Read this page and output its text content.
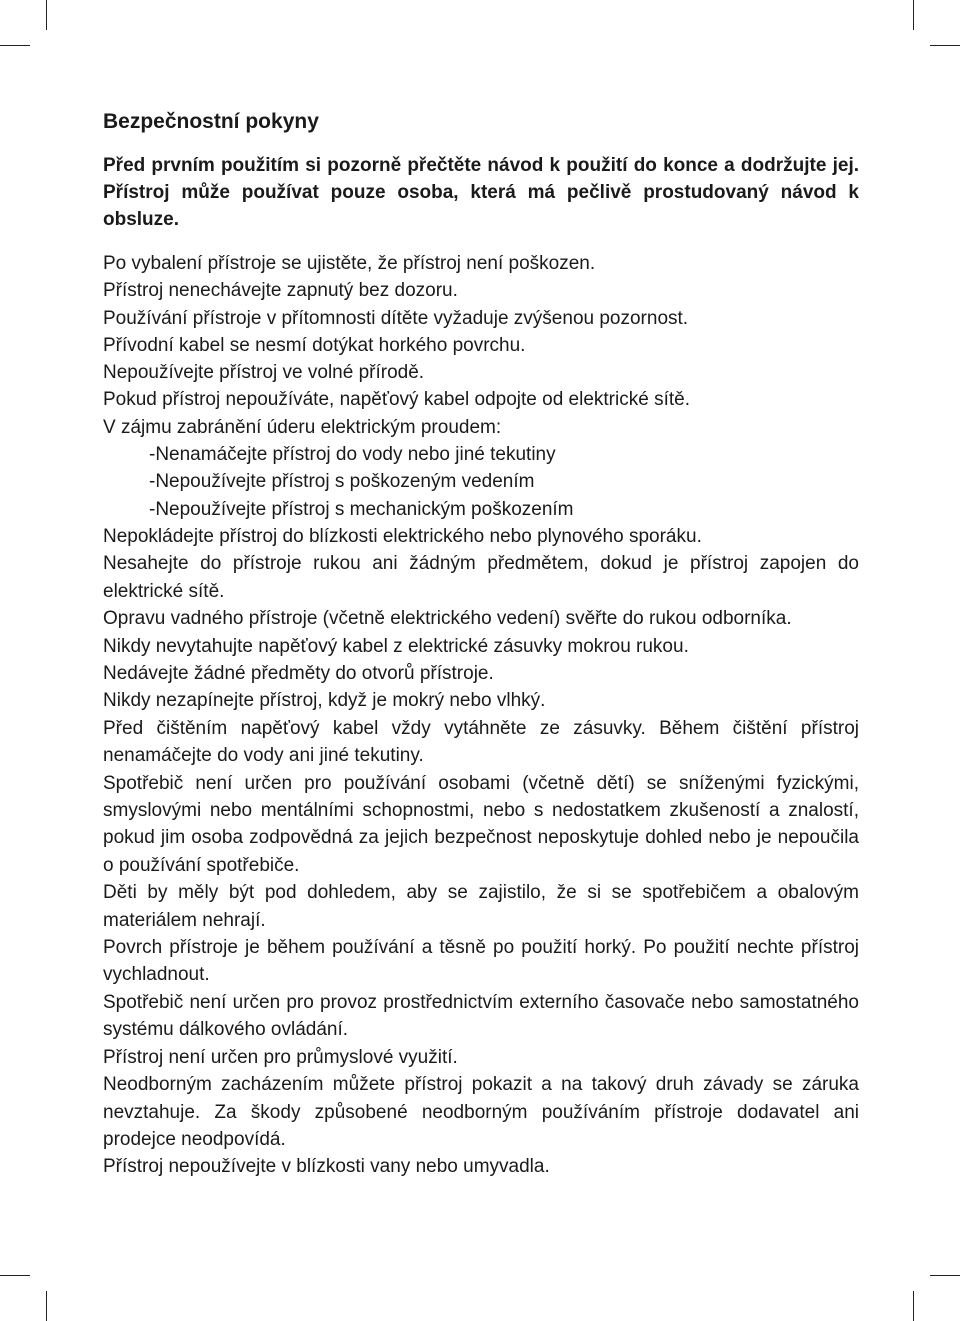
Bezpečnostní pokyny

Před prvním použitím si pozorně přečtěte návod k použití do konce a dodržujte jej. Přístroj může používat pouze osoba, která má pečlivě prostudovaný návod k obsluze.

Po vybalení přístroje se ujistěte, že přístroj není poškozen.

Přístroj nenechávejte zapnutý bez dozoru.

Používání přístroje v přítomnosti dítěte vyžaduje zvýšenou pozornost.

Přívodní kabel se nesmí dotýkat horkého povrchu.

Nepoužívejte přístroj ve volné přírodě.

Pokud přístroj nepoužíváte, napěťový kabel odpojte od elektrické sítě.

V zájmu zabránění úderu elektrickým proudem:

-Nenamáčejte přístroj do vody nebo jiné tekutiny

-Nepoužívejte přístroj s poškozeným vedením

-Nepoužívejte přístroj s mechanickým poškozením

Nepokládejte přístroj do blízkosti elektrického nebo plynového sporáku.

Nesahejte do přístroje rukou ani žádným předmětem, dokud je přístroj zapojen do elektrické sítě.

Opravu vadného přístroje (včetně elektrického vedení) svěřte do rukou odborníka.

Nikdy nevytahujte napěťový kabel z elektrické zásuvky mokrou rukou.

Nedávejte žádné předměty do otvorů přístroje.

Nikdy nezapínejte přístroj, když je mokrý nebo vlhký.

Před čištěním napěťový kabel vždy vytáhněte ze zásuvky. Během čištění přístroj nenamáčejte do vody ani jiné tekutiny.

Spotřebič není určen pro používání osobami (včetně dětí) se sníženými fyzickými, smyslovými nebo mentálními schopnostmi, nebo s nedostatkem zkušeností a znalostí, pokud jim osoba zodpovědná za jejich bezpečnost neposkytuje dohled nebo je nepoučila o používání spotřebiče.

Děti by měly být pod dohledem, aby se zajistilo, že si se spotřebičem a obalovým materiálem nehrají.

Povrch přístroje je během používání a těsně po použití horký. Po použití nechte přístroj vychladnout.

Spotřebič není určen pro provoz prostřednictvím externího časovače nebo samostatného systému dálkového ovládání.

Přístroj není určen pro průmyslové využití.

Neodborným zacházením můžete přístroj pokazit a na takový druh závady se záruka nevztahuje. Za škody způsobené neodborným používáním přístroje dodavatel ani prodejce neodpovídá.

Přístroj nepoužívejte v blízkosti vany nebo umyvadla.
